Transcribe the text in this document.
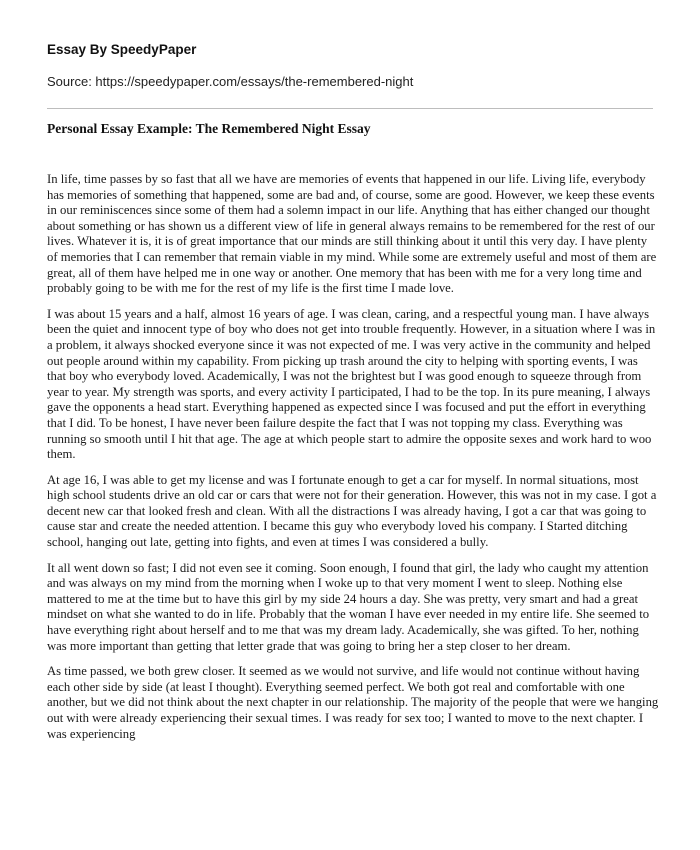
Essay By SpeedyPaper
Source: https://speedypaper.com/essays/the-remembered-night
Personal Essay Example: The Remembered Night Essay

In life, time passes by so fast that all we have are memories of events that happened in our life. Living life, everybody has memories of something that happened, some are bad and, of course, some are good. However, we keep these events in our reminiscences since some of them had a solemn impact in our life. Anything that has either changed our thought about something or has shown us a different view of life in general always remains to be remembered for the rest of our lives. Whatever it is, it is of great importance that our minds are still thinking about it until this very day. I have plenty of memories that I can remember that remain viable in my mind. While some are extremely useful and most of them are great, all of them have helped me in one way or another. One memory that has been with me for a very long time and probably going to be with me for the rest of my life is the first time I made love.

I was about 15 years and a half, almost 16 years of age. I was clean, caring, and a respectful young man. I have always been the quiet and innocent type of boy who does not get into trouble frequently. However, in a situation where I was in a problem, it always shocked everyone since it was not expected of me. I was very active in the community and helped out people around within my capability. From picking up trash around the city to helping with sporting events, I was that boy who everybody loved. Academically, I was not the brightest but I was good enough to squeeze through from year to year. My strength was sports, and every activity I participated, I had to be the top. In its pure meaning, I always gave the opponents a head start. Everything happened as expected since I was focused and put the effort in everything that I did. To be honest, I have never been failure despite the fact that I was not topping my class. Everything was running so smooth until I hit that age. The age at which people start to admire the opposite sexes and work hard to woo them.

At age 16, I was able to get my license and was I fortunate enough to get a car for myself. In normal situations, most high school students drive an old car or cars that were not for their generation. However, this was not in my case. I got a decent new car that looked fresh and clean. With all the distractions I was already having, I got a car that was going to cause star and create the needed attention. I became this guy who everybody loved his company. I Started ditching school, hanging out late, getting into fights, and even at times I was considered a bully.

It all went down so fast; I did not even see it coming. Soon enough, I found that girl, the lady who caught my attention and was always on my mind from the morning when I woke up to that very moment I went to sleep. Nothing else mattered to me at the time but to have this girl by my side 24 hours a day. She was pretty, very smart and had a great mindset on what she wanted to do in life. Probably that the woman I have ever needed in my entire life. She seemed to have everything right about herself and to me that was my dream lady. Academically, she was gifted. To her, nothing was more important than getting that letter grade that was going to bring her a step closer to her dream.

As time passed, we both grew closer. It seemed as we would not survive, and life would not continue without having each other side by side (at least I thought). Everything seemed perfect. We both got real and comfortable with one another, but we did not think about the next chapter in our relationship. The majority of the people that were we hanging out with were already experiencing their sexual times. I was ready for sex too; I wanted to move to the next chapter. I was experiencing
